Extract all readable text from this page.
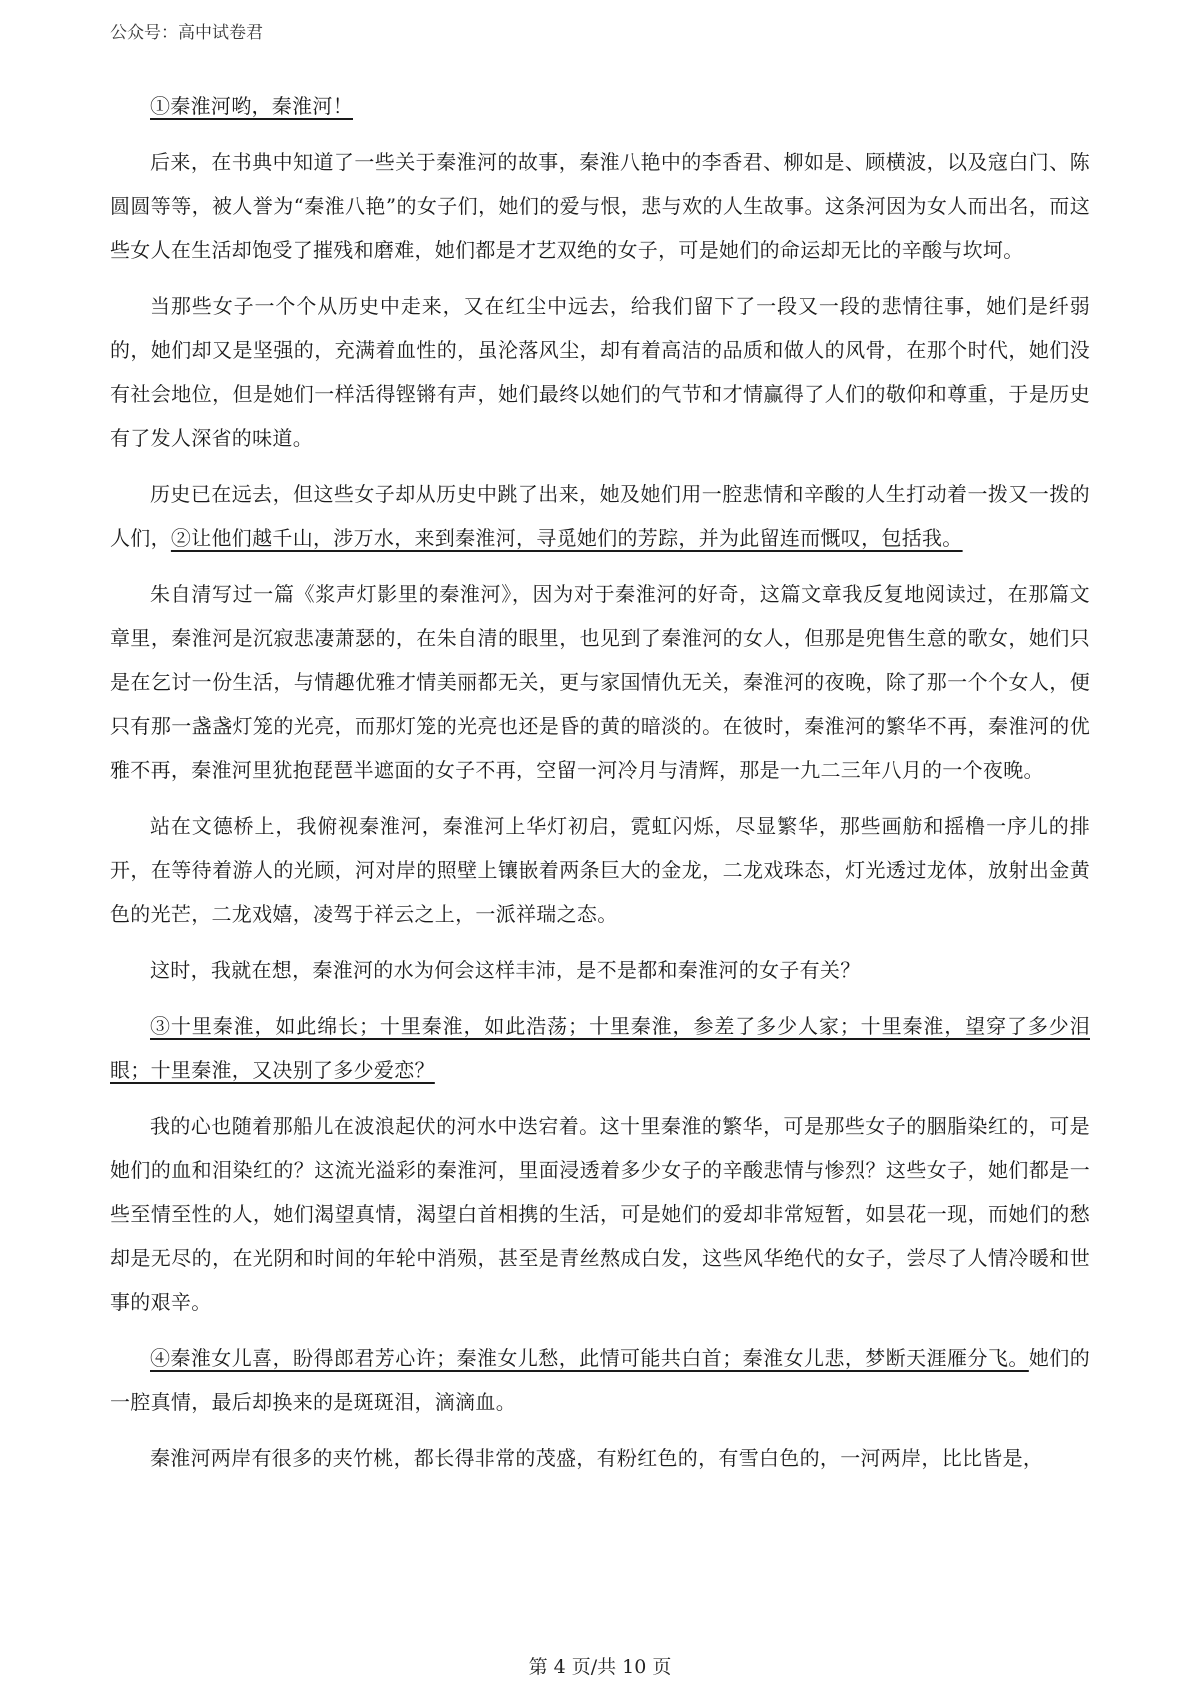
公众号：高中试卷君

①秦淮河哟，秦淮河！

后来，在书典中知道了一些关于秦淮河的故事，秦淮八艳中的李香君、柳如是、顾横波，以及寇白门、陈圆圆等等，被人誉为“秦淮八艳”的女子们，她们的爱与恨，悲与欢的人生故事。这条河因为女人而出名，而这些女人在生活却饱受了摧残和磨难，她们都是才艺双绝的女子，可是她们的命运却无比的辛酸与坎坷。

当那些女子一个个从历史中走来，又在红尘中远去，给我们留下了一段又一段的悲情往事，她们是纤弱的，她们却又是坚强的，充满着血性的，虽沦落风尘，却有着高洁的品质和做人的风骨，在那个时代，她们没有社会地位，但是她们一样活得铿锵有声，她们最终以她们的气节和才情赢得了人们的敬仰和尊重，于是历史有了发人深省的味道。

历史已在远去，但这些女子却从历史中跳了出来，她及她们用一腔悲情和辛酸的人生打动着一拨又一拨的人们，②让他们越千山，涉万水，来到秦淮河，寻觅她们的芳踪，并为此留连而慨叹，包括我。

朱自清写过一篇《浆声灯影里的秦淮河》，因为对于秦淮河的好奇，这篇文章我反复地阅读过，在那篇文章里，秦淮河是沉寂悲凄萧瑟的，在朱自清的眼里，也见到了秦淮河的女人，但那是兜售生意的歌女，她们只是在乞讨一份生活，与情趣优雅才情美丽都无关，更与家国情仇无关，秦淮河的夜晚，除了那一个个女人，便只有那一盏盏灯笼的光亮，而那灯笼的光亮也还是昏的黄的暗淡的。在彼时，秦淮河的繁华不再，秦淮河的优雅不再，秦淮河里犹抱琵琶半遮面的女子不再，空留一河冷月与清辉，那是一九二三年八月的一个夜晚。

站在文德桥上，我俯视秦淮河，秦淮河上华灯初启，霓虹闪烁，尽显繁华，那些画舫和摇橹一序儿的排开，在等待着游人的光顾，河对岸的照壁上镶嵌着两条巨大的金龙，二龙戏珠态，灯光透过龙体，放射出金黄色的光芒，二龙戏嬉，凌驾于祥云之上，一派祥瑞之态。

这时，我就在想，秦淮河的水为何会这样丰沛，是不是都和秦淮河的女子有关？

③十里秦淮，如此绵长；十里秦淮，如此浩荡；十里秦淮，参差了多少人家；十里秦淮，望穿了多少泪眼；十里秦淮，又决别了多少爱恋？

我的心也随着那船儿在波浪起伏的河水中迭宕着。这十里秦淮的繁华，可是那些女子的胭脂染红的，可是她们的血和泪染红的？这流光溢彩的秦淮河，里面浸透着多少女子的辛酸悲情与惨烈？这些女子，她们都是一些至情至性的人，她们渴望真情，渴望白首相携的生活，可是她们的爱却非常短暂，如昙花一现，而她们的愁却是无尽的，在光阴和时间的年轮中消殒，甚至是青丝熬成白发，这些风华绝代的女子，尝尽了人情冷暖和世事的艰辛。

④秦淮女儿喜，盼得郎君芳心许；秦淮女儿愁，此情可能共白首；秦淮女儿悲，梦断天涯雁分飞。她们的一腔真情，最后却换来的是斑斑泪，滴滴血。

秦淮河两岸有很多的夹竹桃，都长得非常的茂盛，有粉红色的，有雪白色的，一河两岸，比比皆是，

第 4 页/共 10 页
